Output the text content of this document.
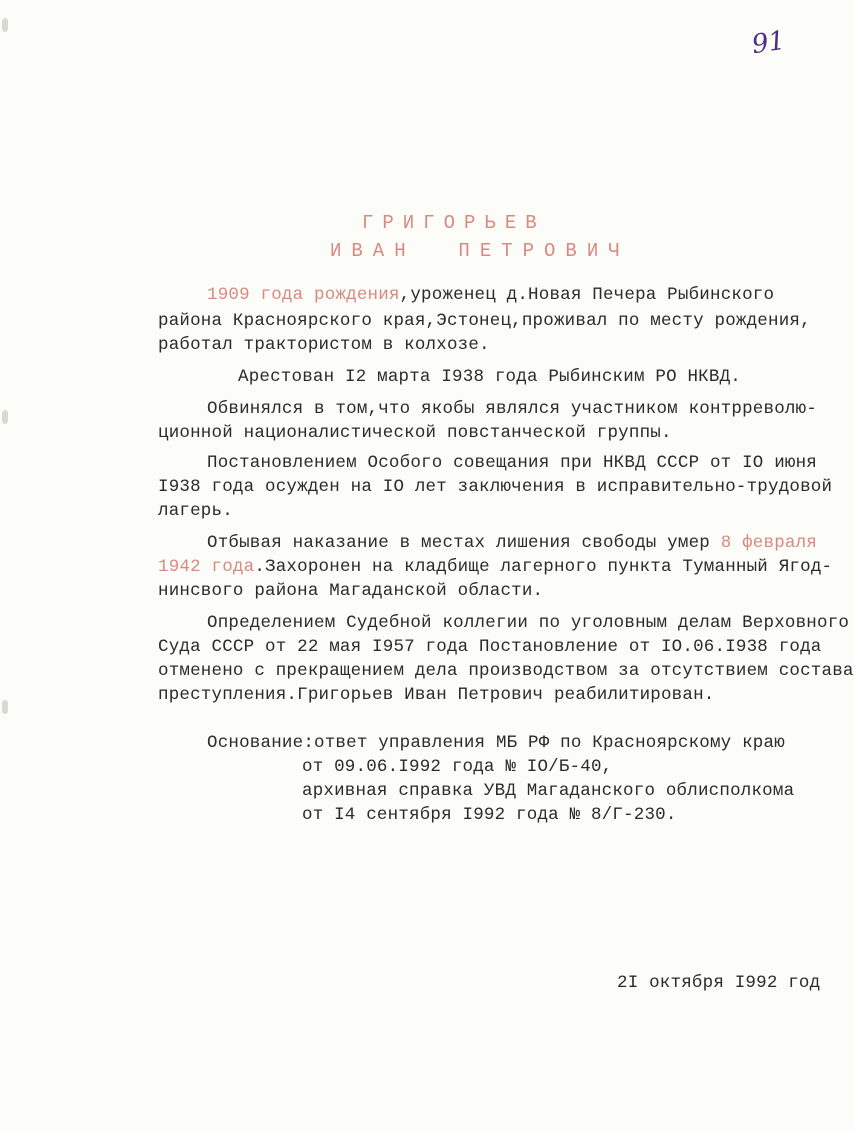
91
ГРИГОРЬЕВ
ИВАН  ПЕТРОВИЧ
1909 года рождения,уроженец д.Новая Печера Рыбинского
района Красноярского края,Эстонец,проживал по месту рождения,
работал трактористом в колхозе.
Арестован I2 марта I938 года Рыбинским РО НКВД.
Обвинялся в том,что якобы являлся участником контрреволю-
ционной националистической повстанческой группы.
Постановлением Особого совещания при НКВД СССР от IO июня
I938 года осужден на IO лет заключения в исправительно-трудовой
лагерь.
Отбывая наказание в местах лишения свободы умер 8 февраля
1942 года.Захоронен на кладбище лагерного пункта Туманный Ягод-
нинсвого района Магаданской области.
Определением Судебной коллегии по уголовным делам Верховного
Суда СССР от 22 мая I957 года Постановление от IO.06.I938 года
отменено с прекращением дела производством за отсутствием состава
преступления.Григорьев Иван Петрович реабилитирован.
Основание:ответ управления МБ РФ по Красноярскому краю
от 09.06.I992 года № IO/Б-40,
архивная справка УВД Магаданского облисполкома
от I4 сентября I992 года № 8/Г-230.
2I октября I992 год
